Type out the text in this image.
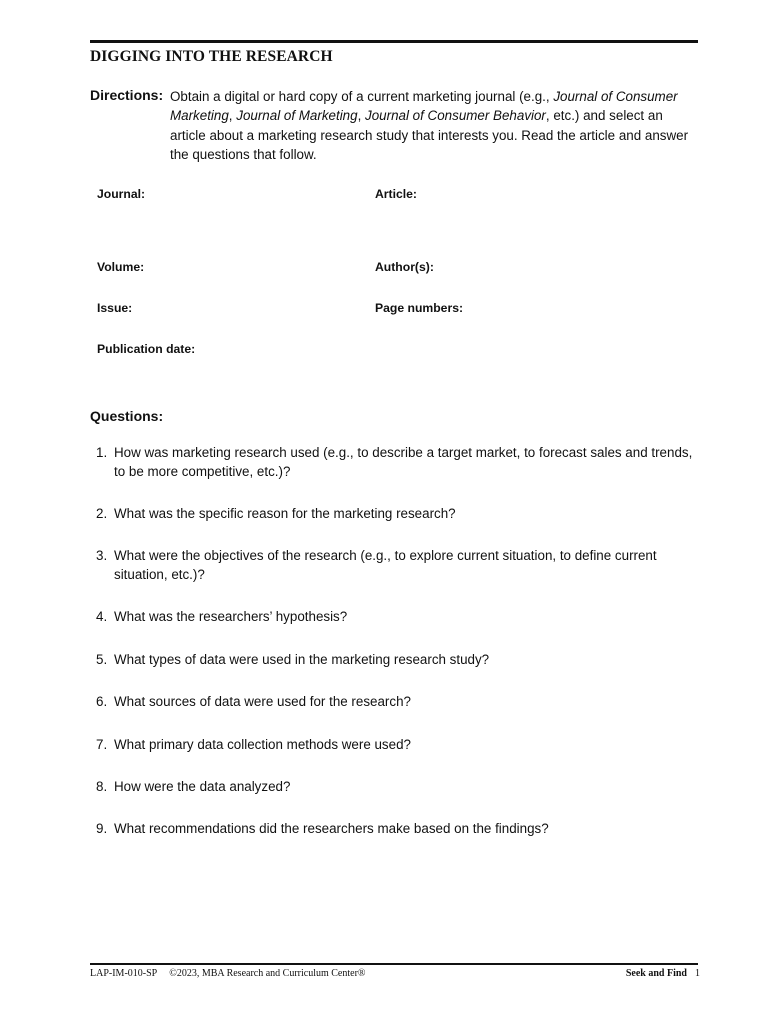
DIGGING INTO THE RESEARCH
Directions: Obtain a digital or hard copy of a current marketing journal (e.g., Journal of Consumer Marketing, Journal of Marketing, Journal of Consumer Behavior, etc.) and select an article about a marketing research study that interests you. Read the article and answer the questions that follow.
Journal:	Article:
Volume:	Author(s):
Issue:	Page numbers:
Publication date:
Questions:
1. How was marketing research used (e.g., to describe a target market, to forecast sales and trends, to be more competitive, etc.)?
2. What was the specific reason for the marketing research?
3. What were the objectives of the research (e.g., to explore current situation, to define current situation, etc.)?
4. What was the researchers’ hypothesis?
5. What types of data were used in the marketing research study?
6. What sources of data were used for the research?
7. What primary data collection methods were used?
8. How were the data analyzed?
9. What recommendations did the researchers make based on the findings?
LAP-IM-010-SP ©2023, MBA Research and Curriculum Center®	Seek and Find 1
